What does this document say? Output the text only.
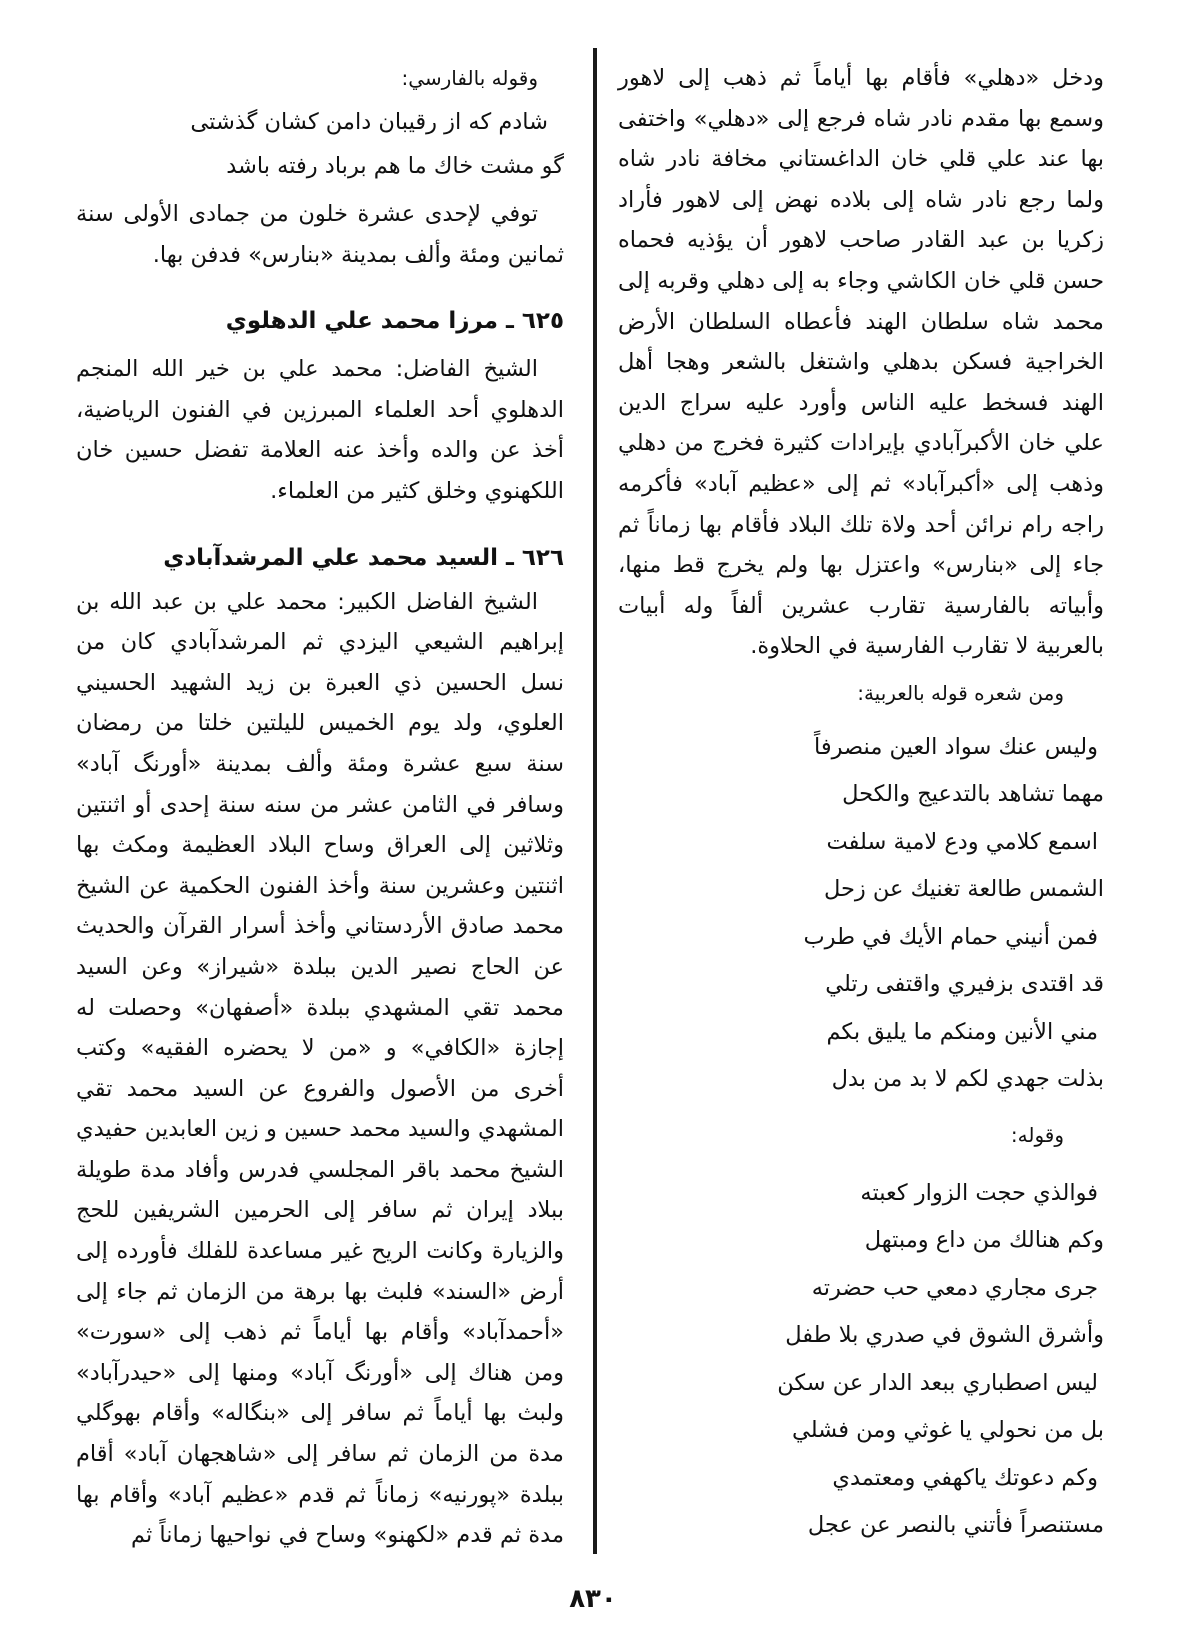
ودخل «دهلي» فأقام بها أياماً ثم ذهب إلى لاهور وسمع بها مقدم نادر شاه فرجع إلى «دهلي» واختفى بها عند علي قلي خان الداغستاني مخافة نادر شاه ولما رجع نادر شاه إلى بلاده نهض إلى لاهور فأراد زكريا بن عبد القادر صاحب لاهور أن يؤذيه فحماه حسن قلي خان الكاشي وجاء به إلى دهلي وقربه إلى محمد شاه سلطان الهند فأعطاه السلطان الأرض الخراجية فسكن بدهلي واشتغل بالشعر وهجا أهل الهند فسخط عليه الناس وأورد عليه سراج الدين علي خان الأكبرآبادي بإيرادات كثيرة فخرج من دهلي وذهب إلى «أكبرآباد» ثم إلى «عظيم آباد» فأكرمه راجه رام نرائن أحد ولاة تلك البلاد فأقام بها زماناً ثم جاء إلى «بنارس» واعتزل بها ولم يخرج قط منها، وأبياته بالفارسية تقارب عشرين ألفاً وله أبيات بالعربية لا تقارب الفارسية في الحلاوة.

ومن شعره قوله بالعربية:

وليس عنك سواد العين منصرفاً

مهما تشاهد بالتدعيج والكحل

اسمع كلامي ودع لامية سلفت

الشمس طالعة تغنيك عن زحل

فمن أنيني حمام الأيك في طرب

قد اقتدى بزفيري واقتفى رتلي

مني الأنين ومنكم ما يليق بكم

بذلت جهدي لكم لا بد من بدل

وقوله:

فوالذي حجت الزوار كعبته

وكم هنالك من داع ومبتهل

جرى مجاري دمعي حب حضرته

وأشرق الشوق في صدري بلا طفل

ليس اصطباري ببعد الدار عن سكن

بل من نحولي يا غوثي ومن فشلي

وكم دعوتك ياكهفي ومعتمدي

مستنصراً فأتني بالنصر عن عجل

وقوله بالفارسي:

شادم كه از رقيبان دامن كشان گذشتى

گو مشت خاك ما هم برباد رفته باشد

توفي لإحدى عشرة خلون من جمادى الأولى سنة ثمانين ومئة وألف بمدينة «بنارس» فدفن بها.

٦٢٥ ـ مرزا محمد علي الدهلوي

الشيخ الفاضل: محمد علي بن خير الله المنجم الدهلوي أحد العلماء المبرزين في الفنون الرياضية، أخذ عن والده وأخذ عنه العلامة تفضل حسين خان اللكهنوي وخلق كثير من العلماء.

٦٢٦ ـ السيد محمد علي المرشدآبادي

الشيخ الفاضل الكبير: محمد علي بن عبد الله بن إبراهيم الشيعي اليزدي ثم المرشدآبادي كان من نسل الحسين ذي العبرة بن زيد الشهيد الحسيني العلوي، ولد يوم الخميس لليلتين خلتا من رمضان سنة سبع عشرة ومئة وألف بمدينة «أورنگ آباد» وسافر في الثامن عشر من سنه سنة إحدى أو اثنتين وثلاثين إلى العراق وساح البلاد العظيمة ومكث بها اثنتين وعشرين سنة وأخذ الفنون الحكمية عن الشيخ محمد صادق الأردستاني وأخذ أسرار القرآن والحديث عن الحاج نصير الدين ببلدة «شيراز» وعن السيد محمد تقي المشهدي ببلدة «أصفهان» وحصلت له إجازة «الكافي» و «من لا يحضره الفقيه» وكتب أخرى من الأصول والفروع عن السيد محمد تقي المشهدي والسيد محمد حسين و زين العابدين حفيدي الشيخ محمد باقر المجلسي فدرس وأفاد مدة طويلة ببلاد إيران ثم سافر إلى الحرمين الشريفين للحج والزيارة وكانت الريح غير مساعدة للفلك فأورده إلى أرض «السند» فلبث بها برهة من الزمان ثم جاء إلى «أحمدآباد» وأقام بها أياماً ثم ذهب إلى «سورت» ومن هناك إلى «أورنگ آباد» ومنها إلى «حيدرآباد» ولبث بها أياماً ثم سافر إلى «بنگاله» وأقام بهوگلي مدة من الزمان ثم سافر إلى «شاهجهان آباد» أقام ببلدة «پورنيه» زماناً ثم قدم «عظيم آباد» وأقام بها مدة ثم قدم «لكهنو» وساح في نواحيها زماناً ثم

٨٣٠
